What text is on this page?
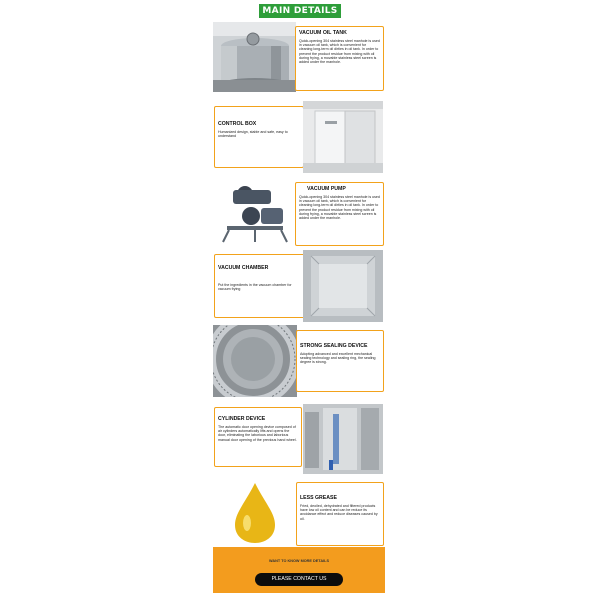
MAIN DETAILS
VACUUM OIL TANK

Quick-opening 304 stainless steel manhole is used in vacuum oil tank, which is convenient for cleaning long-term oil dirties in oil tank. In order to prevent the product residue from mixing with oil during frying, a movable stainless steel screen is added under the manhole.

CONTROL BOX

Humanized design, stable and safe, easy to understand

VACUUM PUMP

Quick-opening 304 stainless steel manhole is used in vacuum oil tank, which is convenient for cleaning long-term oil dirties in oil tank. In order to prevent the product residue from mixing with oil during frying, a movable stainless steel screen is added under the manhole.

VACUUM CHAMBER

Put the ingredients in the vacuum chamber for vacuum frying

STRONG SEALING DEVICE

Adopting advanced and excellent mechanical sealing technology and sealing ring, the sealing degree is strong.

CYLINDER DEVICE

The automatic door opening device composed of air cylinders automatically lifts and opens the door, eliminating the laborious and laborious manual door opening of the previous hand wheel.

LESS GREASE

Fried, deoiled, dehydrated and filtered products have low oil content and can be reduce its avoidance effect and reduce diseases caused by oil.

WANT TO KNOW MORE DETAILS
PLEASE CONTACT US
